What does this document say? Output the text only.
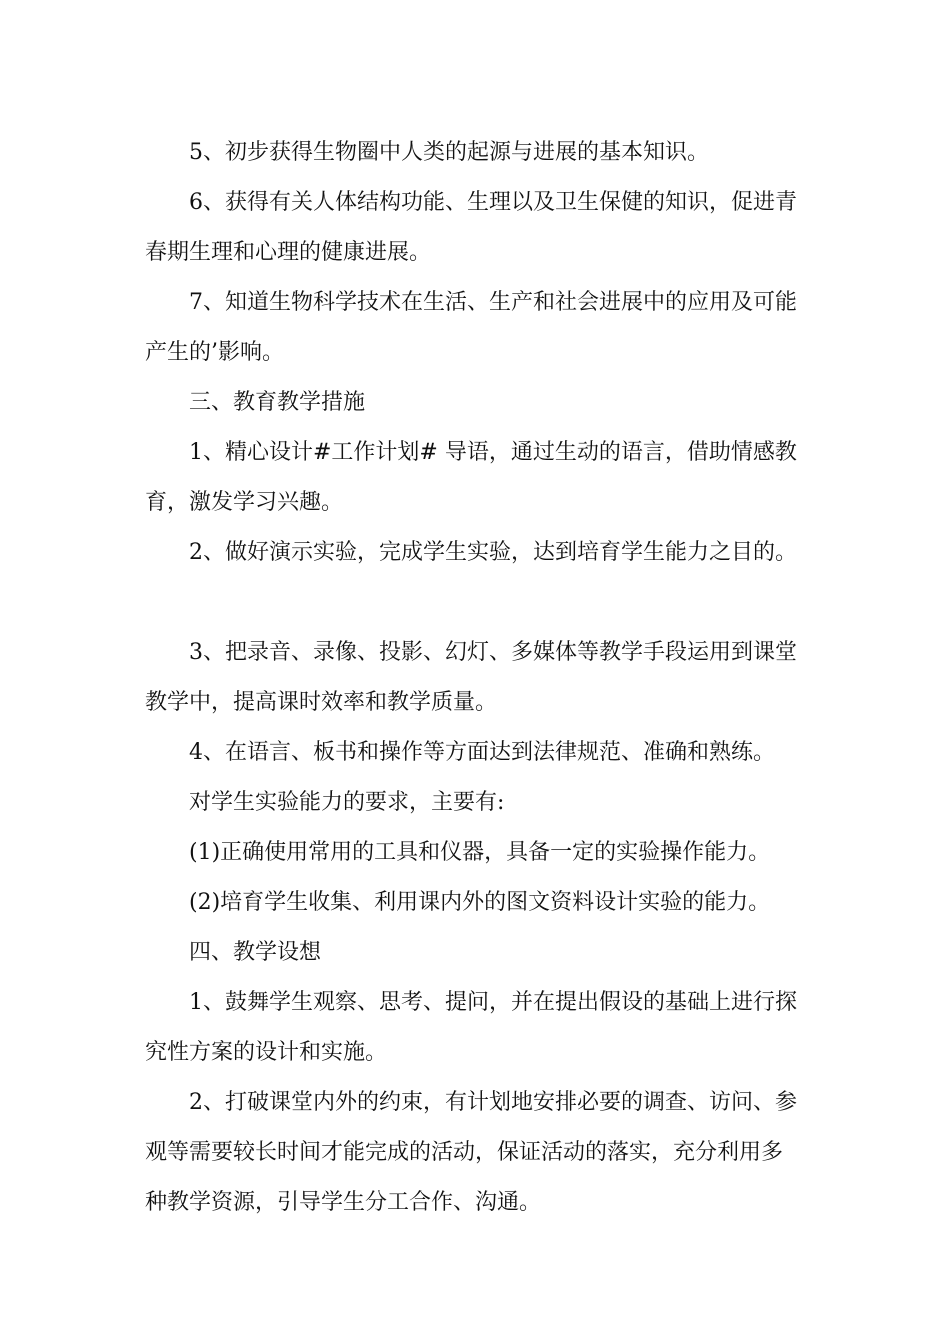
5、初步获得生物圈中人类的起源与进展的基本知识。

6、获得有关人体结构功能、生理以及卫生保健的知识，促进青

春期生理和心理的健康进展。

7、知道生物科学技术在生活、生产和社会进展中的应用及可能

产生的’影响。

三、教育教学措施

1、精心设计#工作计划# 导语，通过生动的语言，借助情感教

育，激发学习兴趣。

2、做好演示实验，完成学生实验，达到培育学生能力之目的。

3、把录音、录像、投影、幻灯、多媒体等教学手段运用到课堂

教学中，提高课时效率和教学质量。

4、在语言、板书和操作等方面达到法律规范、准确和熟练。

对学生实验能力的要求，主要有:

(1)正确使用常用的工具和仪器，具备一定的实验操作能力。

(2)培育学生收集、利用课内外的图文资料设计实验的能力。

四、教学设想

1、鼓舞学生观察、思考、提问，并在提出假设的基础上进行探

究性方案的设计和实施。

2、打破课堂内外的约束，有计划地安排必要的调查、访问、参

观等需要较长时间才能完成的活动，保证活动的落实，充分利用多

种教学资源，引导学生分工合作、沟通。
